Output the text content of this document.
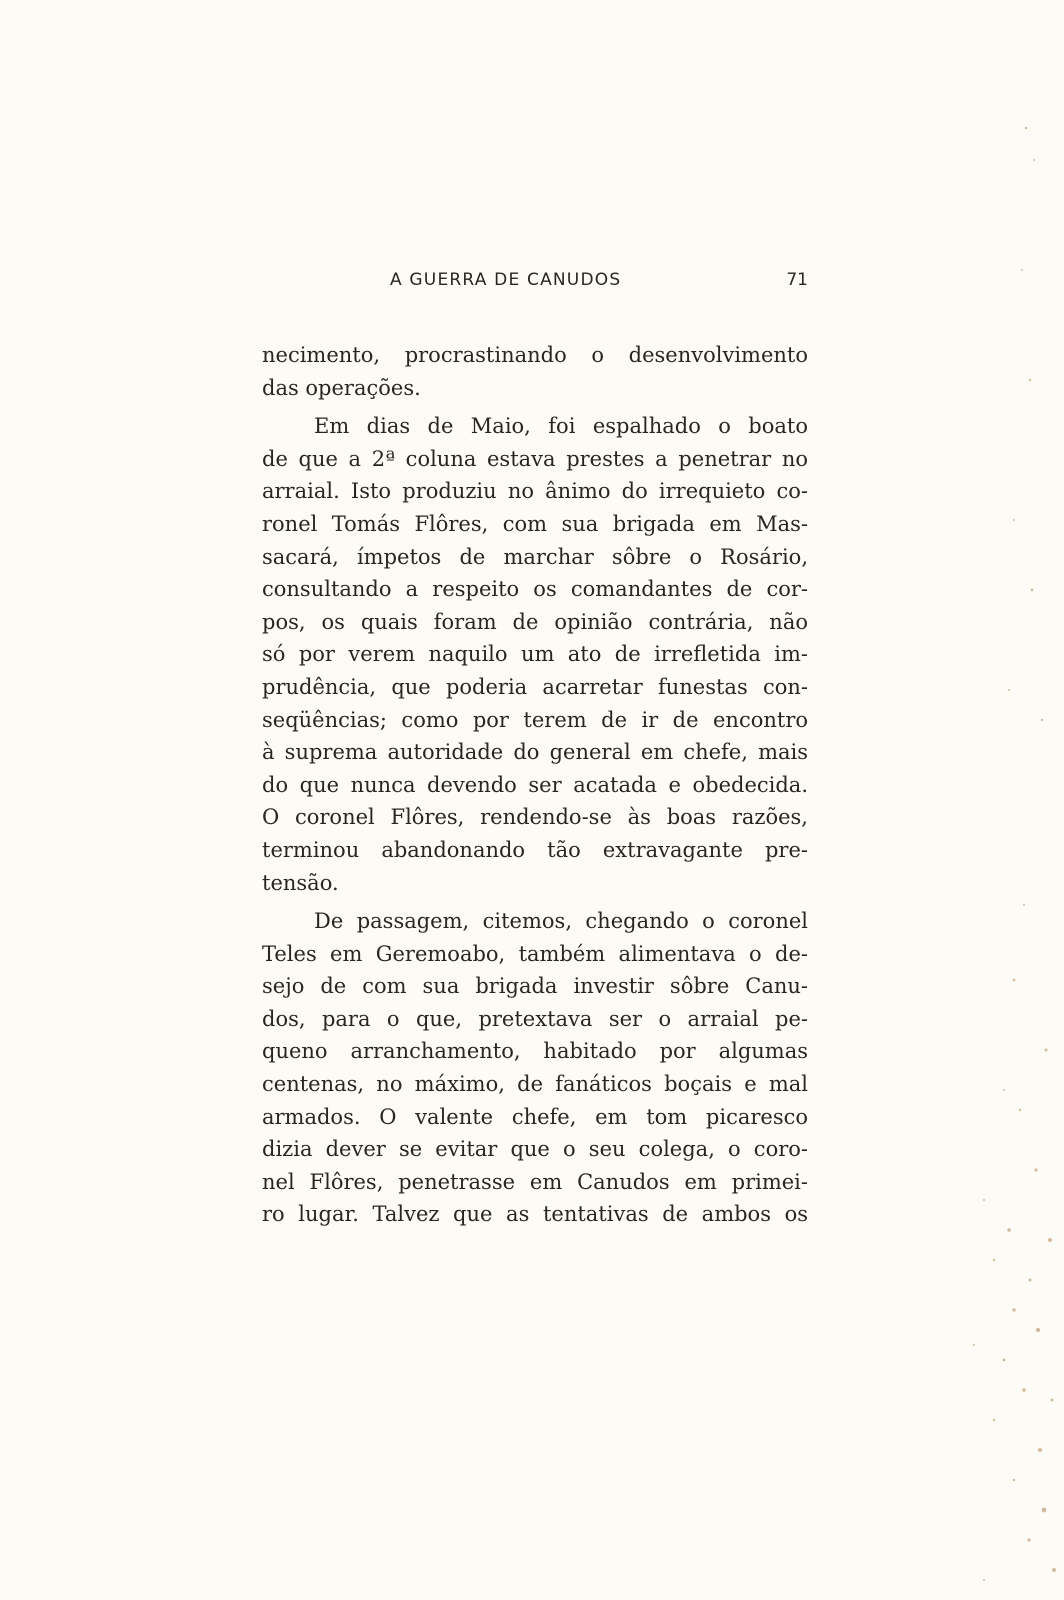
A GUERRA DE CANUDOS	71
necimento, procrastinando o desenvolvimento
das operações.
Em dias de Maio, foi espalhado o boato
de que a 2ª coluna estava prestes a penetrar no
arraial. Isto produziu no ânimo do irrequieto co-
ronel Tomás Flôres, com sua brigada em Mas-
sacará, ímpetos de marchar sôbre o Rosário,
consultando a respeito os comandantes de cor-
pos, os quais foram de opinião contrária, não
só por verem naquilo um ato de irrefletida im-
prudência, que poderia acarretar funestas con-
seqüências; como por terem de ir de encontro
à suprema autoridade do general em chefe, mais
do que nunca devendo ser acatada e obedecida.
O coronel Flôres, rendendo-se às boas razões,
terminou abandonando tão extravagante pre-
tensão.
De passagem, citemos, chegando o coronel
Teles em Geremoabo, também alimentava o de-
sejo de com sua brigada investir sôbre Canu-
dos, para o que, pretextava ser o arraial pe-
queno arranchamento, habitado por algumas
centenas, no máximo, de fanáticos boçais e mal
armados. O valente chefe, em tom picaresco
dizia dever se evitar que o seu colega, o coro-
nel Flôres, penetrasse em Canudos em primei-
ro lugar. Talvez que as tentativas de ambos os
